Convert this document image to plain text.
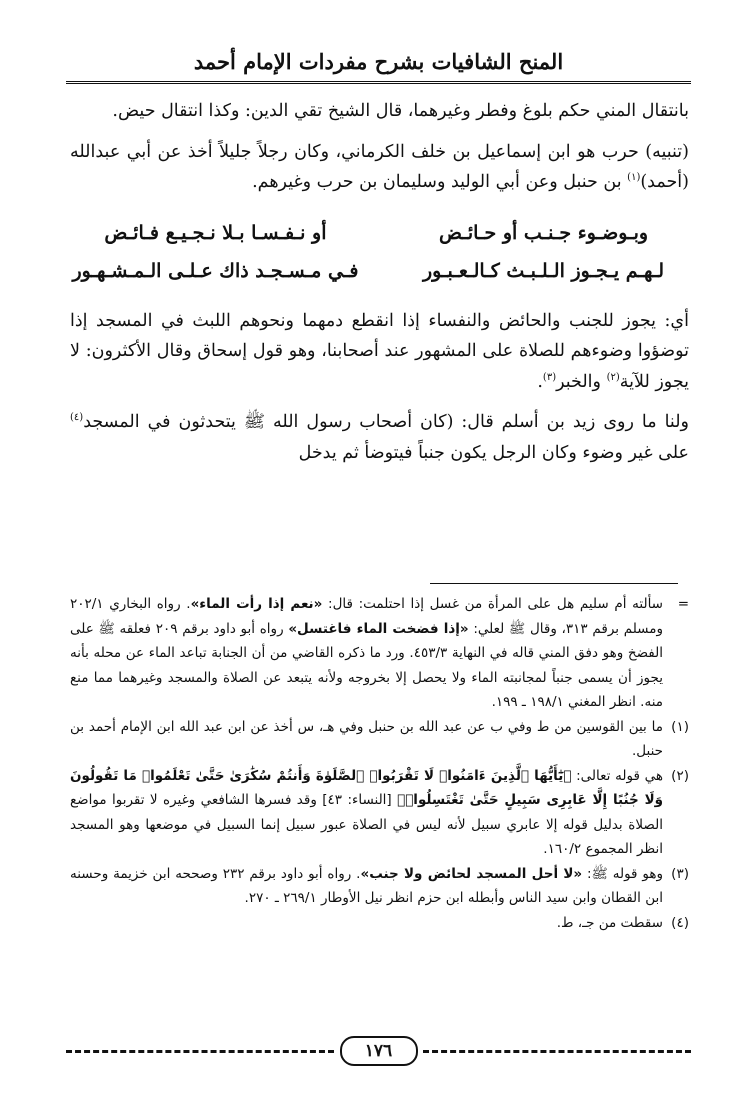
المنح الشافيات بشرح مفردات الإمام أحمد

بانتقال المني حكم بلوغ وفطر وغيرهما، قال الشيخ تقي الدين: وكذا انتقال حيض.

(تنبيه) حرب هو ابن إسماعيل بن خلف الكرماني، وكان رجلاً جليلاً أخذ عن أبي عبدالله (أحمد)$^{(١)}$ بن حنبل وعن أبي الوليد وسليمان بن حرب وغيرهم.

وبـوضـوء جـنـب أو حـائـض
أو نـفـسـا بـلا نـجـيـع فـائـض
لـهـم يـجـوز الـلـبـث كـالـعـبـور
فـي مـسـجـد ذاك عـلـى الـمـشـهـور

أي: يجوز للجنب والحائض والنفساء إذا انقطع دمهما ونحوهم اللبث في المسجد إذا توضؤوا وضوءهم للصلاة على المشهور عند أصحابنا، وهو قول إسحاق وقال الأكثرون: لا يجوز للآية$^{(٢)}$ والخبر$^{(٣)}$.

ولنا ما روى زيد بن أسلم قال: (كان أصحاب رسول الله ﷺ يتحدثون في المسجد$^{(٤)}$ على غير وضوء وكان الرجل يكون جنباً فيتوضأ ثم يدخل

=
سألته أم سليم هل على المرأة من غسل إذا احتلمت: قال: «نعم إذا رأت الماء». رواه البخاري ٢٠٢/١ ومسلم برقم ٣١٣، وقال ﷺ لعلي: «إذا فضخت الماء فاغتسل» رواه أبو داود برقم ٢٠٩ فعلقه ﷺ على الفضخ وهو دفق المني قاله في النهاية ٤٥٣/٣. ورد ما ذكره القاضي من أن الجنابة تباعد الماء عن محله بأنه يجوز أن يسمى جنباً لمجانبته الماء ولا يحصل إلا بخروجه ولأنه يتبعد عن الصلاة والمسجد وغيرهما مما منع منه. انظر المغني ١٩٨/١ ـ ١٩٩.
(١)
ما بين القوسين من ط وفي ب عن عبد الله بن حنبل وفي هـ، س أخذ عن ابن عبد الله ابن الإمام أحمد بن حنبل.
(٢)
هي قوله تعالى: ﴿يَٰٓأَيُّهَا ٱلَّذِينَ ءَامَنُوا۟ لَا تَقْرَبُوا۟ ٱلصَّلَوٰةَ وَأَنتُمْ سُكَٰرَىٰ حَتَّىٰ تَعْلَمُوا۟ مَا تَقُولُونَ وَلَا جُنُبًا إِلَّا عَابِرِى سَبِيلٍ حَتَّىٰ تَغْتَسِلُوا۟﴾ [النساء: ٤٣] وقد فسرها الشافعي وغيره لا تقربوا مواضع الصلاة بدليل قوله إلا عابري سبيل لأنه ليس في الصلاة عبور سبيل إنما السبيل في موضعها وهو المسجد انظر المجموع ١٦٠/٢.
(٣)
وهو قوله ﷺ: «لا أحل المسجد لحائض ولا جنب». رواه أبو داود برقم ٢٣٢ وصححه ابن خزيمة وحسنه ابن القطان وابن سيد الناس وأبطله ابن حزم انظر نيل الأوطار ٢٦٩/١ ـ ٢٧٠.
(٤)
سقطت من جـ، ط.
١٧٦
